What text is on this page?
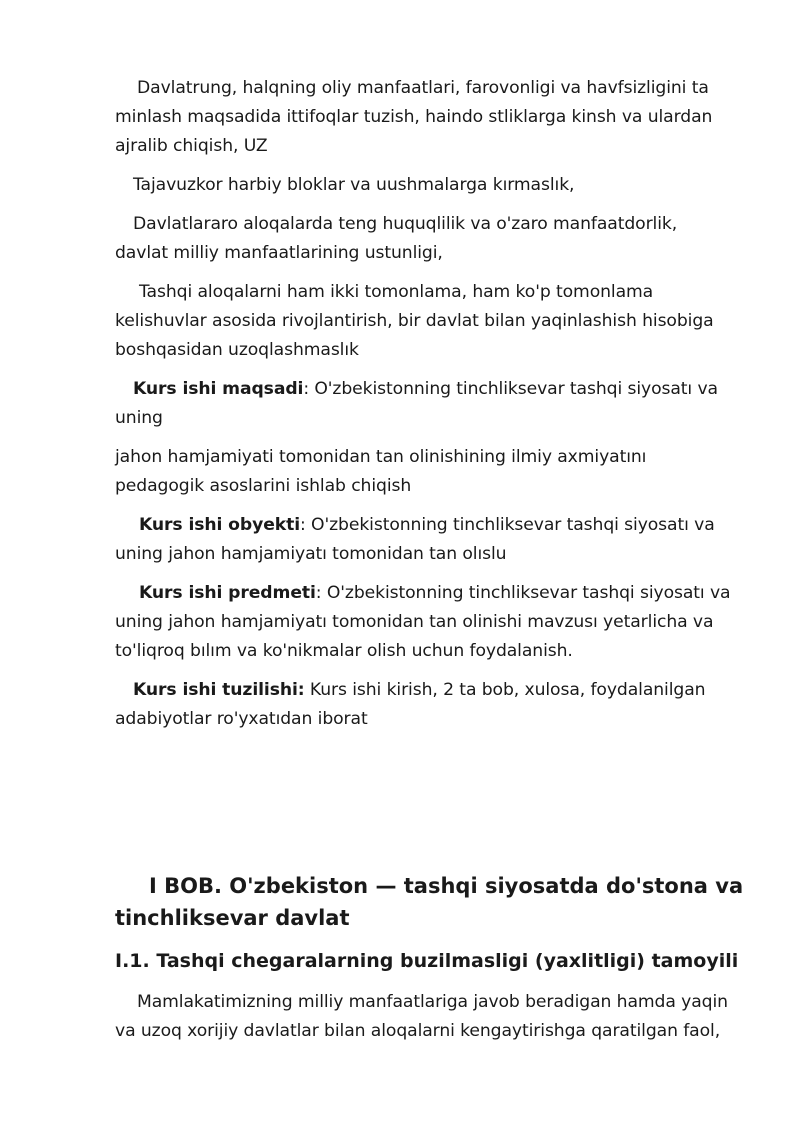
Davlatrung, halqning oliy manfaatlari, farovonligi va havfsizligini ta
minlash maqsadida ittifoqlar tuzish, haindo stliklarga kinsh va ulardan
ajralib chiqish, UZ

Tajavuzkor harbiy bloklar va uushmalarga kırmaslık,

Davlatlararo aloqalarda teng huquqlilik va o'zaro manfaatdorlik,
davlat milliy manfaatlarining ustunligi,

Tashqi aloqalarni ham ikki tomonlama, ham ko'p tomonlama
kelishuvlar asosida rivojlantirish, bir davlat bilan yaqinlashish hisobiga
boshqasidan uzoqlashmaslık

Kurs ishi maqsadi: O'zbekistonning tinchliksevar tashqi siyosatı va
uning

jahon hamjamiyati tomonidan tan olinishining ilmiy axmiyatını
pedagogik asoslarini ishlab chiqish

Kurs ishi obyekti: O'zbekistonning tinchliksevar tashqi siyosatı va
uning jahon hamjamiyatı tomonidan tan olıslu

Kurs ishi predmeti: O'zbekistonning tinchliksevar tashqi siyosatı va
uning jahon hamjamiyatı tomonidan tan olinishi mavzusı yetarlicha va
to'liqroq bılım va ko'nikmalar olish uchun foydalanish.

Kurs ishi tuzilishi: Kurs ishi kirish, 2 ta bob, xulosa, foydalanilgan
adabiyotlar ro'yxatıdan iborat

I BOB. O'zbekiston — tashqi siyosatda do'stona va
tinchliksevar davlat
I.1. Tashqi chegaralarning buzilmasligi (yaxlitligi) tamoyili

Mamlakatimizning milliy manfaatlariga javob beradigan hamda yaqin
va uzoq xorijiy davlatlar bilan aloqalarni kengaytirishga qaratilgan faol,
